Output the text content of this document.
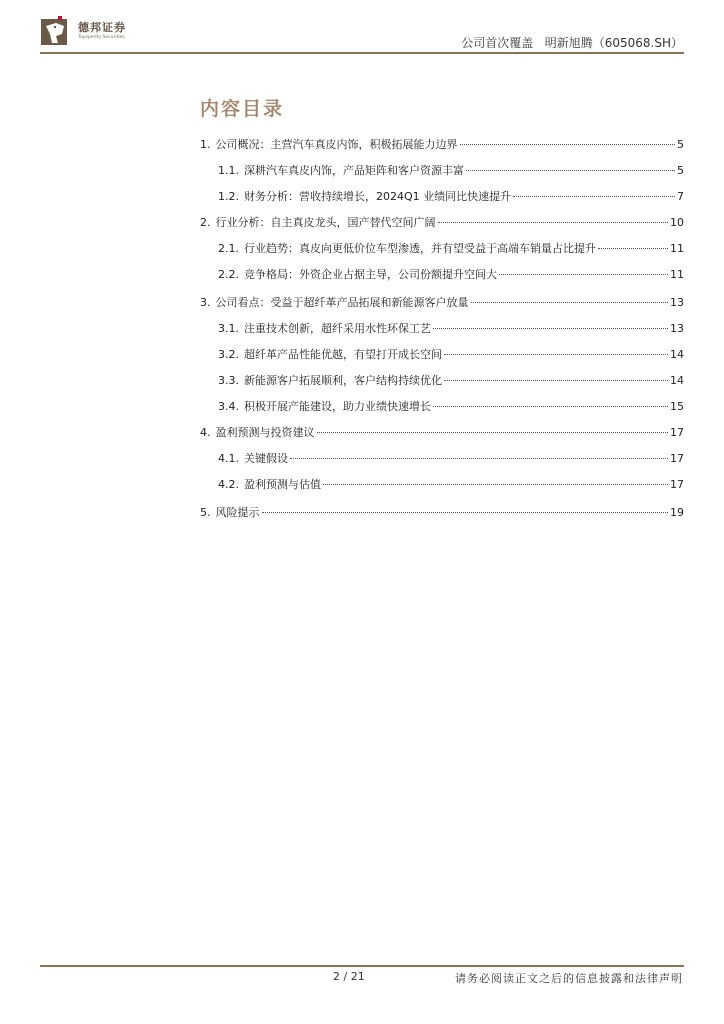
德邦证券
Topsperity Securities	公司首次覆盖   明新旭腾（605068.SH）
内容目录
1. 公司概况：主营汽车真皮内饰，积极拓展能力边界	5
1.1. 深耕汽车真皮内饰，产品矩阵和客户资源丰富	5
1.2. 财务分析：营收持续增长，2024Q1 业绩同比快速提升	7
2. 行业分析：自主真皮龙头，国产替代空间广阔	10
2.1. 行业趋势：真皮向更低价位车型渗透，并有望受益于高端车销量占比提升	11
2.2. 竞争格局：外资企业占据主导，公司份额提升空间大	11
3. 公司看点：受益于超纤革产品拓展和新能源客户放量	13
3.1. 注重技术创新，超纤采用水性环保工艺	13
3.2. 超纤革产品性能优越，有望打开成长空间	14
3.3. 新能源客户拓展顺利，客户结构持续优化	14
3.4. 积极开展产能建设，助力业绩快速增长	15
4. 盈利预测与投资建议	17
4.1. 关键假设	17
4.2. 盈利预测与估值	17
5. 风险提示	19
2 / 21	请务必阅读正文之后的信息披露和法律声明
